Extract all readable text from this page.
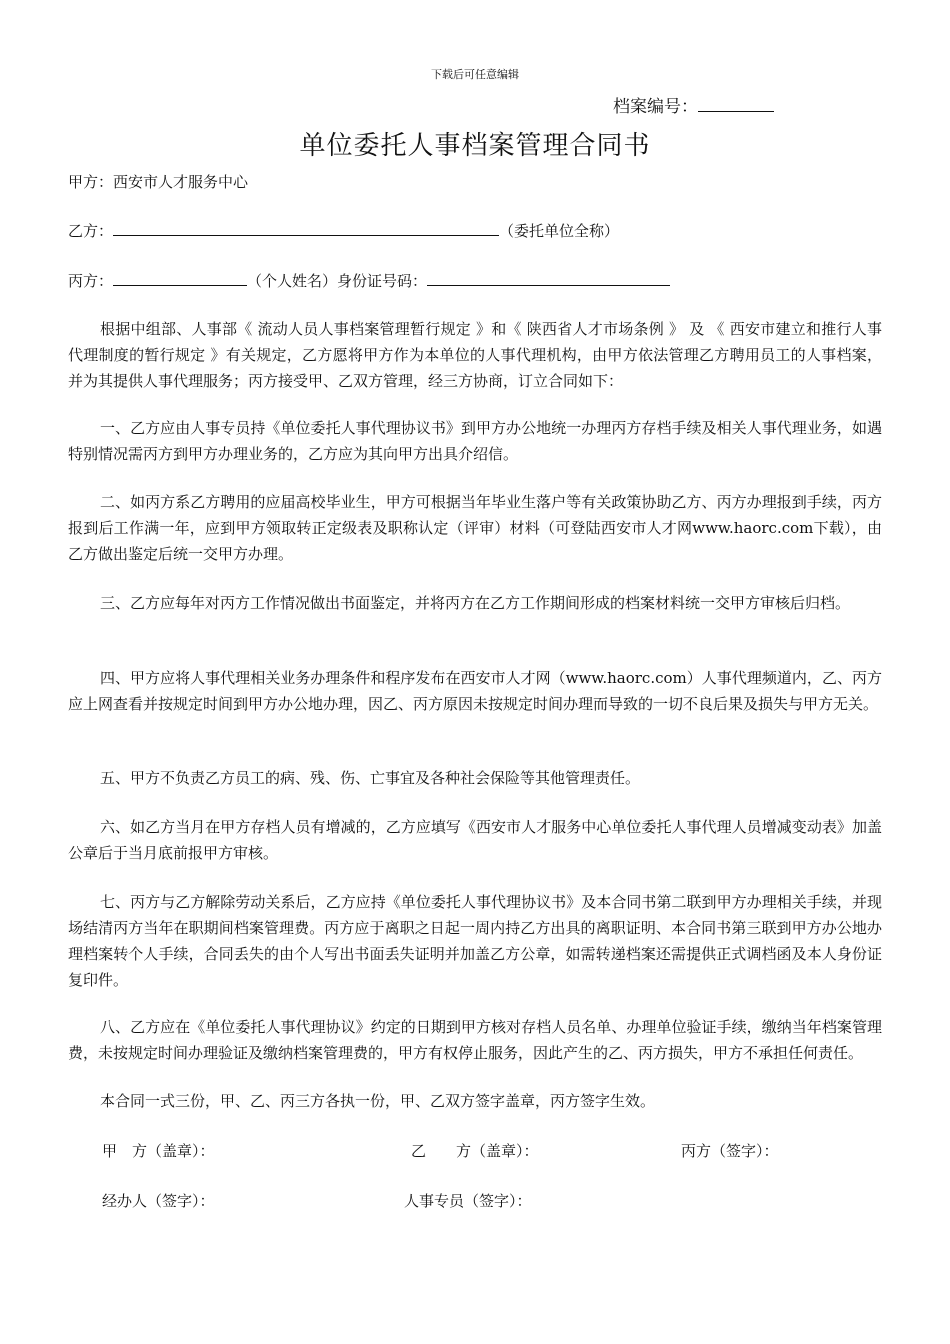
下载后可任意编辑
档案编号：
单位委托人事档案管理合同书
甲方：西安市人才服务中心
乙方：	（委托单位全称）
丙方：	（个人姓名）身份证号码：

根据中组部、人事部《 流动人员人事档案管理暂行规定 》和《 陕西省人才市场条例 》 及 《 西安市建立和推行人事代理制度的暂行规定 》有关规定，乙方愿将甲方作为本单位的人事代理机构，由甲方依法管理乙方聘用员工的人事档案，并为其提供人事代理服务；丙方接受甲、乙双方管理，经三方协商，订立合同如下：

一、乙方应由人事专员持《单位委托人事代理协议书》到甲方办公地统一办理丙方存档手续及相关人事代理业务，如遇特别情况需丙方到甲方办理业务的，乙方应为其向甲方出具介绍信。

二、如丙方系乙方聘用的应届高校毕业生，甲方可根据当年毕业生落户等有关政策协助乙方、丙方办理报到手续，丙方报到后工作满一年，应到甲方领取转正定级表及职称认定（评审）材料（可登陆西安市人才网www.haorc.com下载），由乙方做出鉴定后统一交甲方办理。

三、乙方应每年对丙方工作情况做出书面鉴定，并将丙方在乙方工作期间形成的档案材料统一交甲方审核后归档。

四、甲方应将人事代理相关业务办理条件和程序发布在西安市人才网（www.haorc.com）人事代理频道内，乙、丙方应上网查看并按规定时间到甲方办公地办理，因乙、丙方原因未按规定时间办理而导致的一切不良后果及损失与甲方无关。

五、甲方不负责乙方员工的病、残、伤、亡事宜及各种社会保险等其他管理责任。

六、如乙方当月在甲方存档人员有增减的，乙方应填写《西安市人才服务中心单位委托人事代理人员增减变动表》加盖公章后于当月底前报甲方审核。

七、丙方与乙方解除劳动关系后，乙方应持《单位委托人事代理协议书》及本合同书第二联到甲方办理相关手续，并现场结清丙方当年在职期间档案管理费。丙方应于离职之日起一周内持乙方出具的离职证明、本合同书第三联到甲方办公地办理档案转个人手续，合同丢失的由个人写出书面丢失证明并加盖乙方公章，如需转递档案还需提供正式调档函及本人身份证复印件。

八、乙方应在《单位委托人事代理协议》约定的日期到甲方核对存档人员名单、办理单位验证手续，缴纳当年档案管理费，未按规定时间办理验证及缴纳档案管理费的，甲方有权停止服务，因此产生的乙、丙方损失，甲方不承担任何责任。

本合同一式三份，甲、乙、丙三方各执一份，甲、乙双方签字盖章，丙方签字生效。

甲　方（盖章）：	乙　　方（盖章）：	丙方（签字）：
经办人（签字）：	人事专员（签字）：
